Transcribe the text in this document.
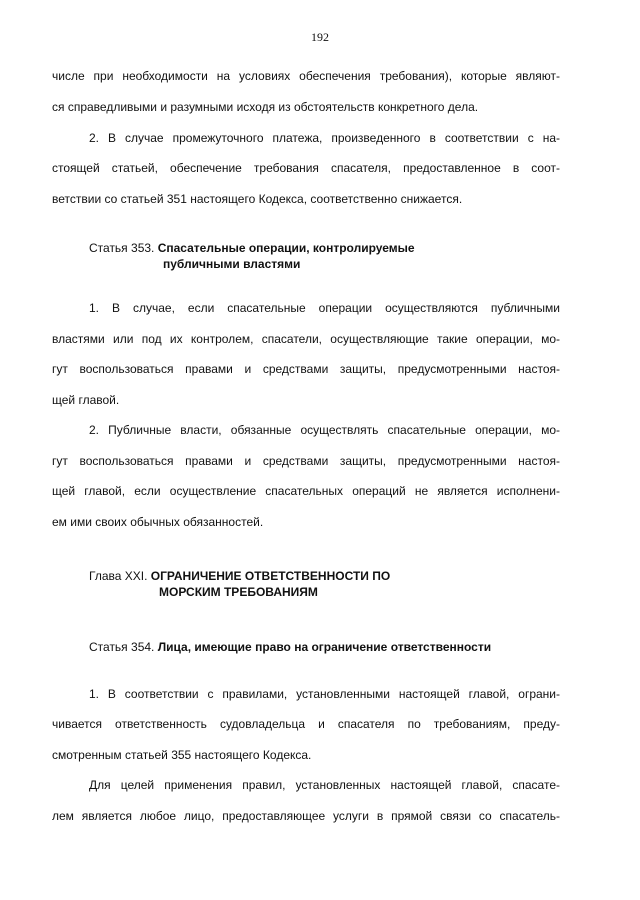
192
числе при необходимости на условиях обеспечения требования), которые являют-
ся справедливыми и разумными исходя из обстоятельств конкретного дела.
2. В случае промежуточного платежа, произведенного в соответствии с на-
стоящей статьей, обеспечение требования спасателя, предоставленное в соот-
ветствии со статьей 351 настоящего Кодекса, соответственно снижается.
Статья 353. Спасательные операции, контролируемые
публичными властями
1. В случае, если спасательные операции осуществляются публичными
властями или под их контролем, спасатели, осуществляющие такие операции, мо-
гут воспользоваться правами и средствами защиты, предусмотренными настоя-
щей главой.
2. Публичные власти, обязанные осуществлять спасательные операции, мо-
гут воспользоваться правами и средствами защиты, предусмотренными настоя-
щей главой, если осуществление спасательных операций не является исполнени-
ем ими своих обычных обязанностей.
Глава XXI. ОГРАНИЧЕНИЕ ОТВЕТСТВЕННОСТИ ПО
МОРСКИМ ТРЕБОВАНИЯМ
Статья 354. Лица, имеющие право на ограничение ответственности
1. В соответствии с правилами, установленными настоящей главой, ограни-
чивается ответственность судовладельца и спасателя по требованиям, преду-
смотренным статьей 355 настоящего Кодекса.
Для целей применения правил, установленных настоящей главой, спасате-
лем является любое лицо, предоставляющее услуги в прямой связи со спасатель-
